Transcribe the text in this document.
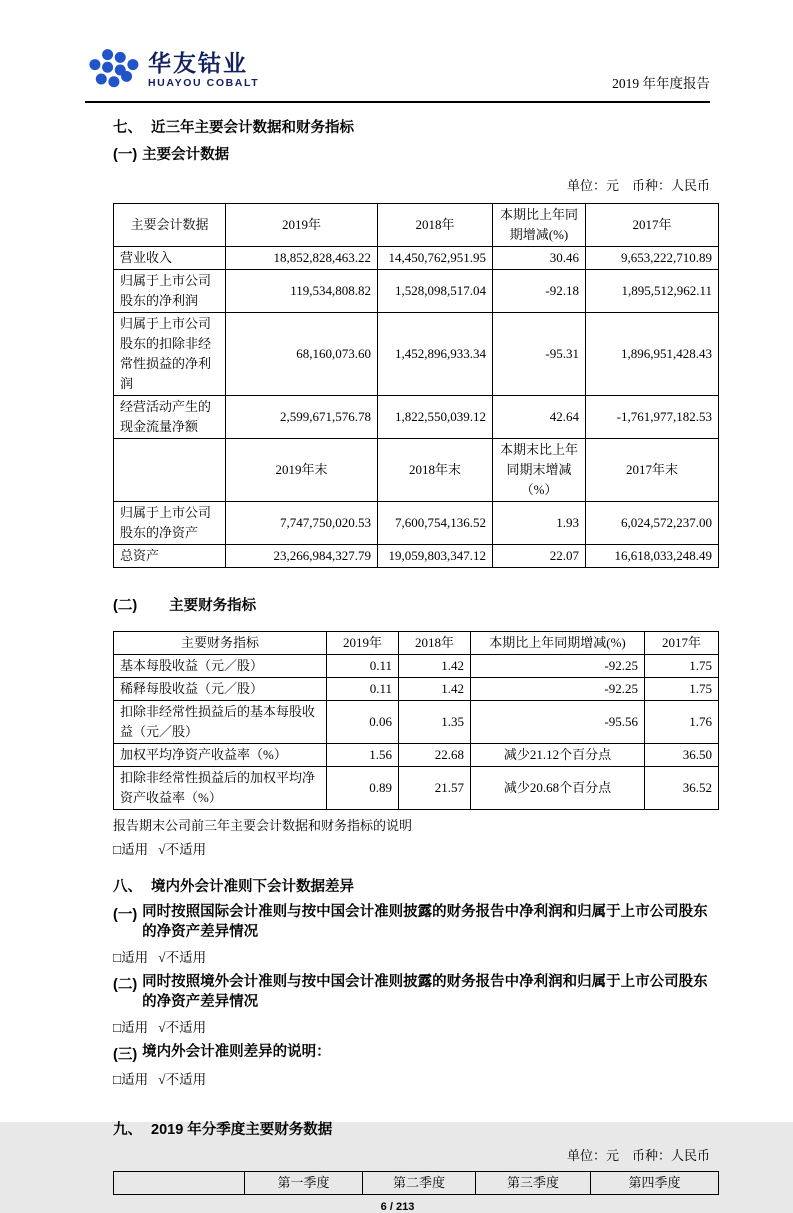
华友钴业
HUAYOU COBALT	2019 年年度报告
七、 近三年主要会计数据和财务指标
(一) 主要会计数据
单位：元　币种：人民币
主要会计数据	2019年	2018年	本期比上年同期增减(%)	2017年
营业收入	18,852,828,463.22	14,450,762,951.95	30.46	9,653,222,710.89
归属于上市公司股东的净利润	119,534,808.82	1,528,098,517.04	-92.18	1,895,512,962.11
归属于上市公司股东的扣除非经常性损益的净利润	68,160,073.60	1,452,896,933.34	-95.31	1,896,951,428.43
经营活动产生的现金流量净额	2,599,671,576.78	1,822,550,039.12	42.64	-1,761,977,182.53
	2019年末	2018年末	本期末比上年同期末增减（%）	2017年末
归属于上市公司股东的净资产	7,747,750,020.53	7,600,754,136.52	1.93	6,024,572,237.00
总资产	23,266,984,327.79	19,059,803,347.12	22.07	16,618,033,248.49
(二) 主要财务指标
主要财务指标	2019年	2018年	本期比上年同期增减(%)	2017年
基本每股收益（元／股）	0.11	1.42	-92.25	1.75
稀释每股收益（元／股）	0.11	1.42	-92.25	1.75
扣除非经常性损益后的基本每股收益（元／股）	0.06	1.35	-95.56	1.76
加权平均净资产收益率（%）	1.56	22.68	减少21.12个百分点	36.50
扣除非经常性损益后的加权平均净资产收益率（%）	0.89	21.57	减少20.68个百分点	36.52
报告期末公司前三年主要会计数据和财务指标的说明
□适用 √不适用
八、 境内外会计准则下会计数据差异
(一) 同时按照国际会计准则与按中国会计准则披露的财务报告中净利润和归属于上市公司股东的净资产差异情况
□适用 √不适用
(二) 同时按照境外会计准则与按中国会计准则披露的财务报告中净利润和归属于上市公司股东的净资产差异情况
□适用 √不适用
(三) 境内外会计准则差异的说明：
□适用 √不适用
九、 2019 年分季度主要财务数据
单位：元　币种：人民币
	第一季度	第二季度	第三季度	第四季度
6 / 213
